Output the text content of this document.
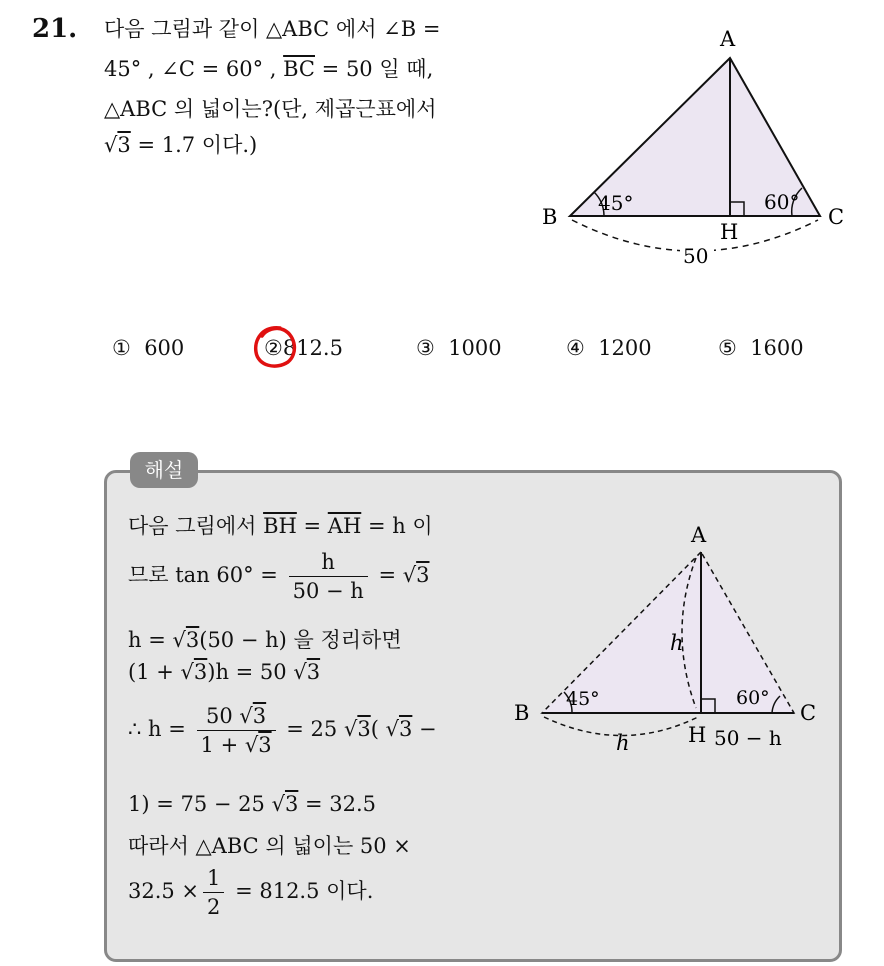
21. 다음 그림과 같이 △ABC 에서 ∠B =
45° , ∠C = 60° , $\overline{BC} = 50$ 일 때,
△ABC 의 넓이는?(단, 제곱근표에서
√3 = 1.7 이다.)
A
B	C
H
45°	60°
50
① 600	②812.5	③ 1000	④ 1200	⑤ 1600
해설
다음 그림에서 $\overline{BH} = \overline{AH} = h$ 이
므로 $\tan 60^\circ = \frac{h}{50 - h} = √3$
h = √3(50 − h) 을 정리하면
(1 + √3)h = 50 √3
∴ $h = \frac{50 √3}{1 + √3} = 25$ √3( √3 −
1) = 75 − 25 √3 = 32.5
따라서 △ABC 의 넓이는 50 ×
$32.5 \times \frac{1}{2} = 812.5$ 이다.
A
B	C
H
45°	60°
h
h	50 − h
